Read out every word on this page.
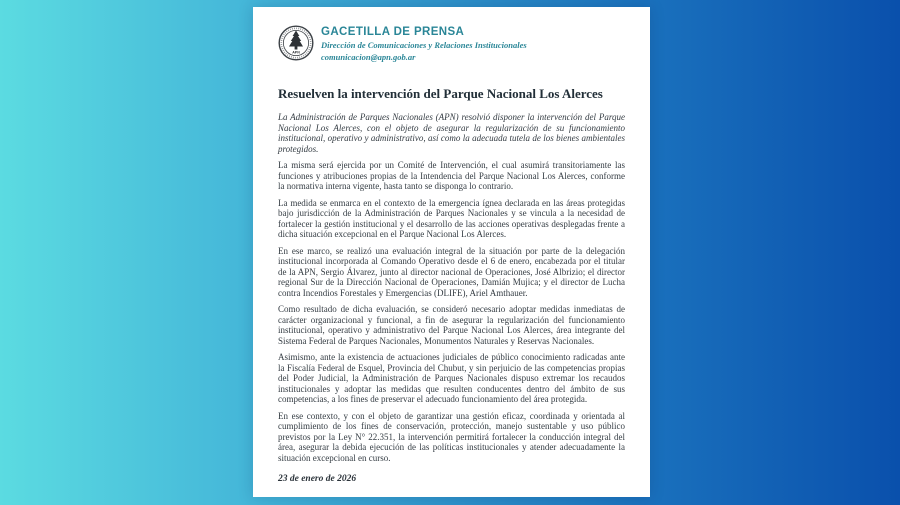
APN
GACETILLA DE PRENSA
Dirección de Comunicaciones y Relaciones Institucionales
comunicacion@apn.gob.ar
Resuelven la intervención del Parque Nacional Los Alerces

La Administración de Parques Nacionales (APN) resolvió disponer la intervención del Parque Nacional Los Alerces, con el objeto de asegurar la regularización de su funcionamiento institucional, operativo y administrativo, así como la adecuada tutela de los bienes ambientales protegidos.

La misma será ejercida por un Comité de Intervención, el cual asumirá transitoriamente las funciones y atribuciones propias de la Intendencia del Parque Nacional Los Alerces, conforme la normativa interna vigente, hasta tanto se disponga lo contrario.

La medida se enmarca en el contexto de la emergencia ígnea declarada en las áreas protegidas bajo jurisdicción de la Administración de Parques Nacionales y se vincula a la necesidad de fortalecer la gestión institucional y el desarrollo de las acciones operativas desplegadas frente a dicha situación excepcional en el Parque Nacional Los Alerces.

En ese marco, se realizó una evaluación integral de la situación por parte de la delegación institucional incorporada al Comando Operativo desde el 6 de enero, encabezada por el titular de la APN, Sergio Álvarez, junto al director nacional de Operaciones, José Albrizio; el director regional Sur de la Dirección Nacional de Operaciones, Damián Mujica; y el director de Lucha contra Incendios Forestales y Emergencias (DLIFE), Ariel Amthauer.

Como resultado de dicha evaluación, se consideró necesario adoptar medidas inmediatas de carácter organizacional y funcional, a fin de asegurar la regularización del funcionamiento institucional, operativo y administrativo del Parque Nacional Los Alerces, área integrante del Sistema Federal de Parques Nacionales, Monumentos Naturales y Reservas Nacionales.

Asimismo, ante la existencia de actuaciones judiciales de público conocimiento radicadas ante la Fiscalía Federal de Esquel, Provincia del Chubut, y sin perjuicio de las competencias propias del Poder Judicial, la Administración de Parques Nacionales dispuso extremar los recaudos institucionales y adoptar las medidas que resulten conducentes dentro del ámbito de sus competencias, a los fines de preservar el adecuado funcionamiento del área protegida.

En ese contexto, y con el objeto de garantizar una gestión eficaz, coordinada y orientada al cumplimiento de los fines de conservación, protección, manejo sustentable y uso público previstos por la Ley N° 22.351, la intervención permitirá fortalecer la conducción integral del área, asegurar la debida ejecución de las políticas institucionales y atender adecuadamente la situación excepcional en curso.

23 de enero de 2026
